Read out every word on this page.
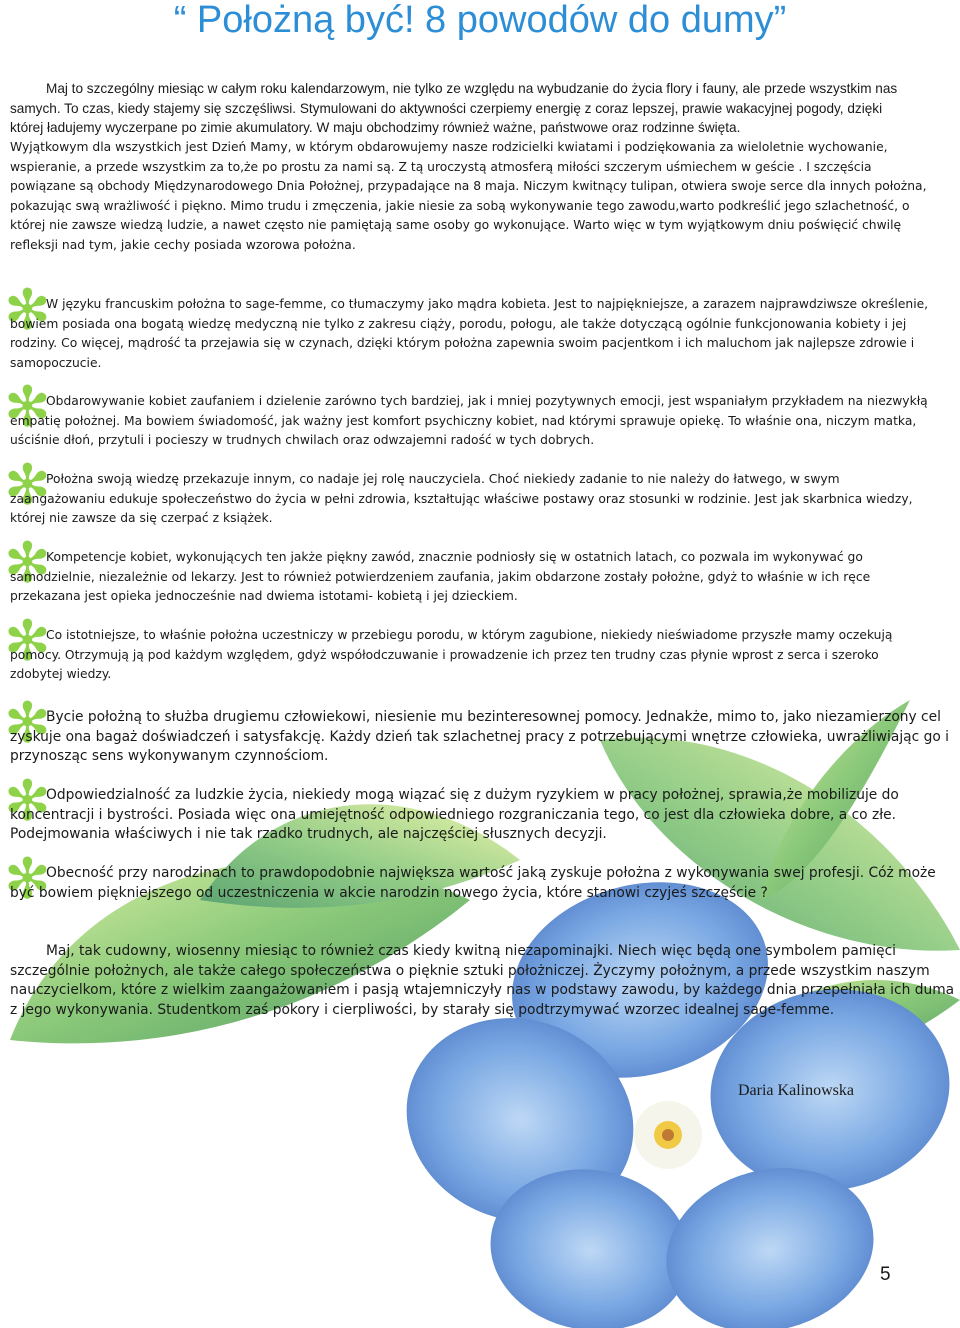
“ Położną być! 8 powodów do dumy”

Maj to szczególny miesiąc w całym roku kalendarzowym, nie tylko ze względu na wybudzanie do życia flory i fauny, ale przede wszystkim nas samych. To czas, kiedy stajemy się szczęśliwsi. Stymulowani do aktywności czerpiemy energię z coraz lepszej, prawie wakacyjnej pogody, dzięki której ładujemy wyczerpane po zimie akumulatory. W maju obchodzimy również ważne, państwowe oraz rodzinne święta.

Wyjątkowym dla wszystkich jest Dzień Mamy, w którym obdarowujemy nasze rodzicielki kwiatami i podziękowania za wieloletnie wychowanie, wspieranie, a przede wszystkim za to,że po prostu za nami są. Z tą uroczystą atmosferą miłości szczerym uśmiechem w geście . I szczęścia powiązane są obchody Międzynarodowego Dnia Położnej, przypadające na 8 maja. Niczym kwitnący tulipan, otwiera swoje serce dla innych położna, pokazując swą wrażliwość i piękno. Mimo trudu i zmęczenia, jakie niesie za sobą wykonywanie tego zawodu,warto podkreślić jego szlachetność, o której nie zawsze wiedzą ludzie, a nawet często nie pamiętają same osoby go wykonujące. Warto więc w tym wyjątkowym dniu poświęcić chwilę refleksji nad tym, jakie cechy posiada wzorowa położna.

✻

W języku francuskim położna to sage-femme, co tłumaczymy jako mądra kobieta. Jest to najpiękniejsze, a zarazem najprawdziwsze określenie, bowiem posiada ona bogatą wiedzę medyczną nie tylko z zakresu ciąży, porodu, połogu, ale także dotyczącą ogólnie funkcjonowania kobiety i jej rodziny. Co więcej, mądrość ta przejawia się w czynach, dzięki którym położna zapewnia swoim pacjentkom i ich maluchom jak najlepsze zdrowie i samopoczucie.

✻

Obdarowywanie kobiet zaufaniem i dzielenie zarówno tych bardziej, jak i mniej pozytywnych emocji, jest wspaniałym przykładem na niezwykłą empatię położnej. Ma bowiem świadomość, jak ważny jest komfort psychiczny kobiet, nad którymi sprawuje opiekę. To właśnie ona, niczym matka, uściśnie dłoń, przytuli i pocieszy w trudnych chwilach oraz odwzajemni radość w tych dobrych.

✻

Położna swoją wiedzę przekazuje innym, co nadaje jej rolę nauczyciela. Choć niekiedy zadanie to nie należy do łatwego, w swym zaangażowaniu edukuje społeczeństwo do życia w pełni zdrowia, kształtując właściwe postawy oraz stosunki w rodzinie. Jest jak skarbnica wiedzy, której nie zawsze da się czerpać z książek.

✻

Kompetencje kobiet, wykonujących ten jakże piękny zawód, znacznie podniosły się w ostatnich latach, co pozwala im wykonywać go samodzielnie, niezależnie od lekarzy. Jest to również potwierdzeniem zaufania, jakim obdarzone zostały położne, gdyż to właśnie w ich ręce przekazana jest opieka jednocześnie nad dwiema istotami- kobietą i jej dzieckiem.

✻

Co istotniejsze, to właśnie położna uczestniczy w przebiegu porodu, w którym zagubione, niekiedy nieświadome przyszłe mamy oczekują pomocy. Otrzymują ją pod każdym względem, gdyż współodczuwanie i prowadzenie ich przez ten trudny czas płynie wprost z serca i szeroko zdobytej wiedzy.

✻

Bycie położną to służba drugiemu człowiekowi, niesienie mu bezinteresownej pomocy. Jednakże, mimo to, jako niezamierzony cel zyskuje ona bagaż doświadczeń i satysfakcję. Każdy dzień tak szlachetnej pracy z potrzebującymi wnętrze człowieka, uwrażliwiając go i przynosząc sens wykonywanym czynnościom.

✻

Odpowiedzialność za ludzkie życia, niekiedy mogą wiązać się z dużym ryzykiem w pracy położnej, sprawia,że mobilizuje do koncentracji i bystrości. Posiada więc ona umiejętność odpowiedniego rozgraniczania tego, co jest dla człowieka dobre, a co złe. Podejmowania właściwych i nie tak rzadko trudnych, ale najczęściej słusznych decyzji.

✻

Obecność przy narodzinach to prawdopodobnie największa wartość jaką zyskuje położna z wykonywania swej profesji. Cóż może być bowiem piękniejszego od uczestniczenia w akcie narodzin nowego życia, które stanowi czyjeś szczęście ?

Maj, tak cudowny, wiosenny miesiąc to również czas kiedy kwitną niezapominajki. Niech więc będą one symbolem pamięci szczególnie położnych, ale także całego społeczeństwa o pięknie sztuki położniczej. Życzymy położnym, a przede wszystkim naszym nauczycielkom, które z wielkim zaangażowaniem i pasją wtajemniczyły nas w podstawy zawodu, by każdego dnia przepełniała ich duma z jego wykonywania. Studentkom zaś pokory i cierpliwości, by starały się podtrzymywać wzorzec idealnej sage-femme.

Daria Kalinowska
5
